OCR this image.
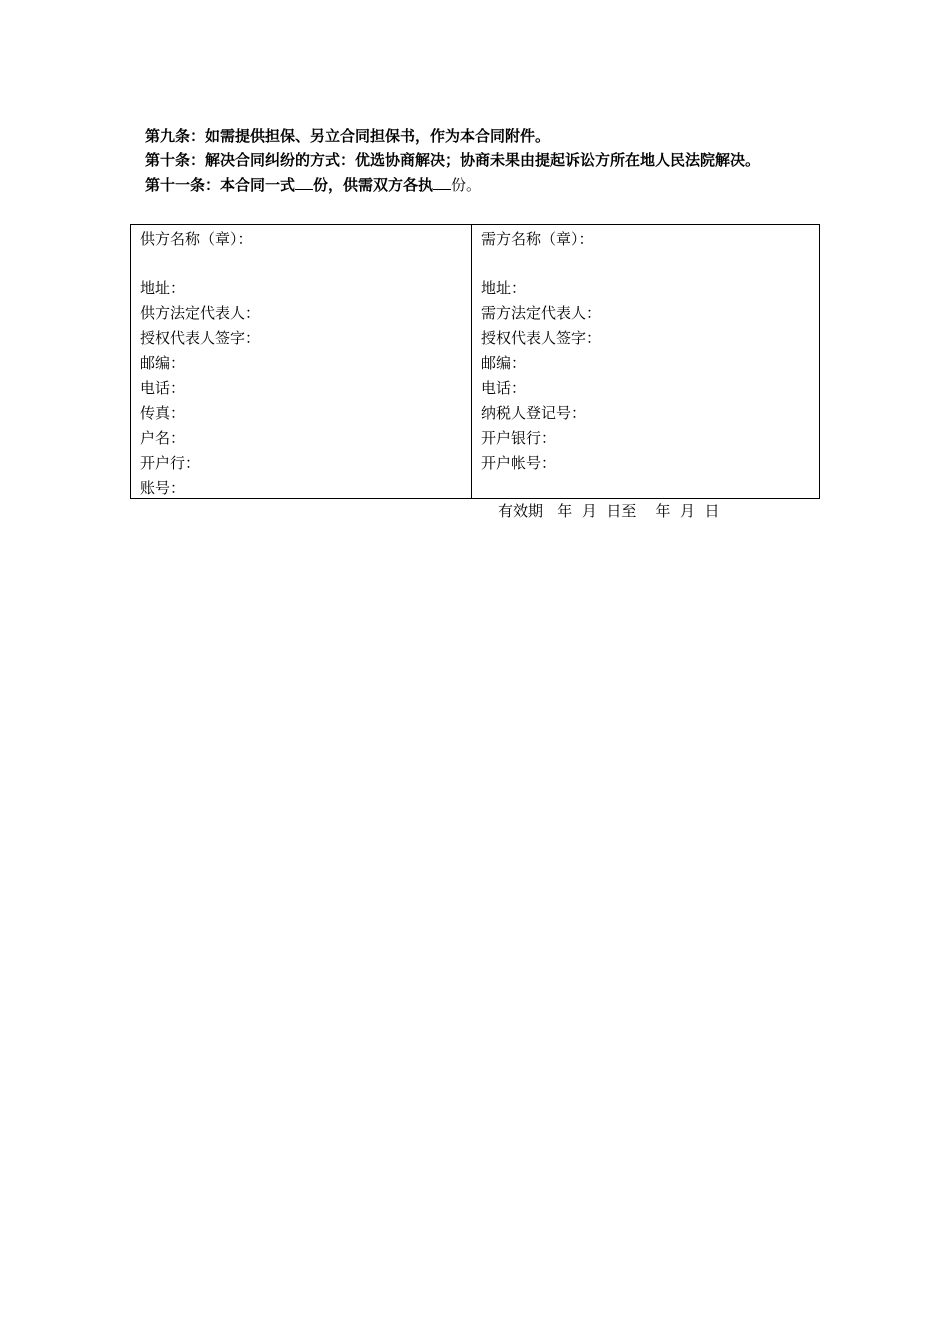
第九条：如需提供担保、另立合同担保书，作为本合同附件。

第十条：解决合同纠纷的方式：优选协商解决；协商未果由提起诉讼方所在地人民法院解决。

第十一条：本合同一式 份，供需双方各执 份。

供方名称（章）：
地址：
供方法定代表人：
授权代表人签字：
邮编：
电话：
传真：
户名：
开户行：
账号：
需方名称（章）：
地址：
需方法定代表人：
授权代表人签字：
邮编：
电话：
纳税人登记号：
开户银行：
开户帐号：
有效期   年  月  日至    年  月  日
